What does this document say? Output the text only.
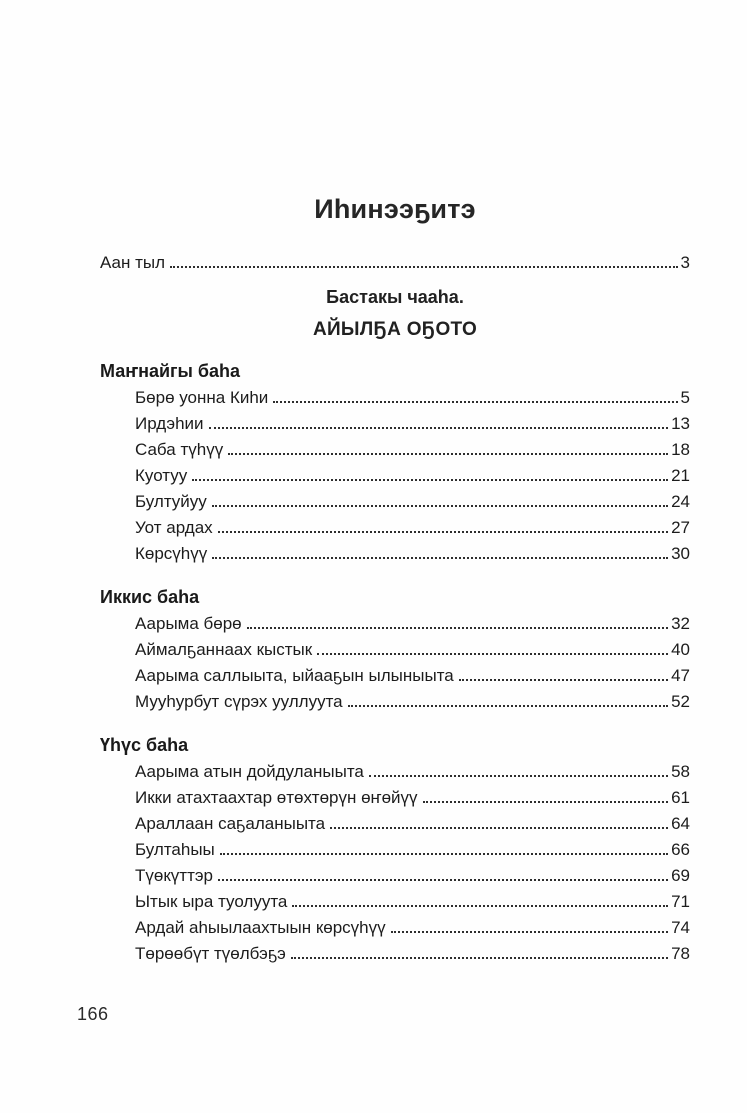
Иһинээҕитэ
Аан тыл	3
Бастакы чааһа.
АЙЫЛҔА ОҔОТО
Маҥнайгы баһа
Бөрө уонна Киһи	5
Ирдэһии	13
Саба түһүү	18
Куотуу	21
Бултуйуу	24
Уот ардах	27
Көрсүһүү	30
Иккис баһа
Аарыма бөрө	32
Аймалҕаннаах кыстык	40
Аарыма саллыыта, ыйааҕын ылыныыта	47
Мууһурбут сүрэх ууллуута	52
Үһүс баһа
Аарыма атын дойдуланыыта	58
Икки атахтаахтар өтөхтөрүн өҥөйүү	61
Араллаан саҕаланыыта	64
Бултаһыы	66
Түөкүттэр	69
Ытык ыра туолуута	71
Ардай аһыылаахтыын көрсүһүү	74
Төрөөбүт түөлбэҕэ	78
166
